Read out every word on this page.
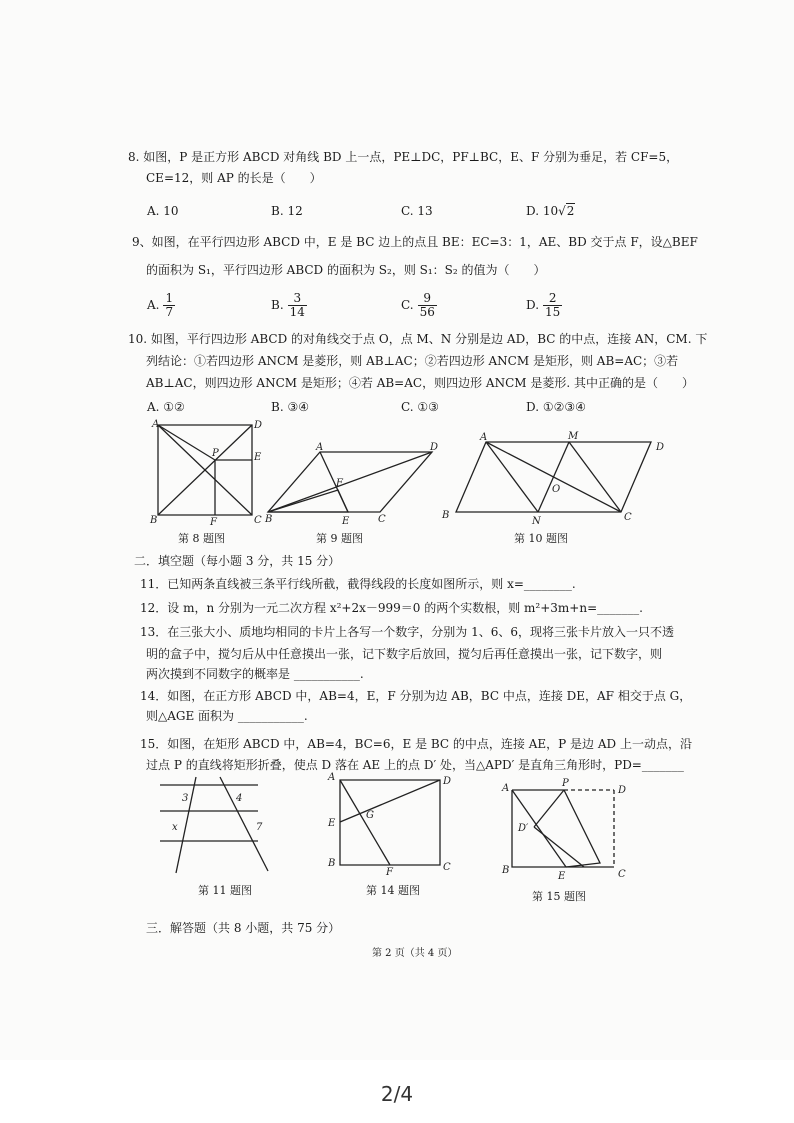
8. 如图，P 是正方形 ABCD 对角线 BD 上一点，PE⊥DC，PF⊥BC，E、F 分别为垂足，若 CF=5，
CE=12，则 AP 的长是（　　）
A. 10	B. 12	C. 13	D. 10√2
9、如图，在平行四边形 ABCD 中，E 是 BC 边上的点且 BE：EC=3：1，AE、BD 交于点 F，设△BEF
的面积为 S₁，平行四边形 ABCD 的面积为 S₂，则 S₁：S₂ 的值为（　　）
A. $\frac{1}{7}$	B. $\frac{3}{14}$	C. $\frac{9}{56}$	D. $\frac{2}{15}$
10. 如图，平行四边形 ABCD 的对角线交于点 O，点 M、N 分别是边 AD，BC 的中点，连接 AN，CM. 下
列结论：①若四边形 ANCM 是菱形，则 AB⊥AC；②若四边形 ANCM 是矩形，则 AB=AC；③若
AB⊥AC，则四边形 ANCM 是矩形；④若 AB=AC，则四边形 ANCM 是菱形. 其中正确的是（　　）
A. ①②	B. ③④	C. ①③	D. ①②③④
A	D
E
P
B	F	C
第 8 题图
A	D
F
B	E	C
第 9 题图
A	M
D
O
B
N	C
第 10 题图
二．填空题（每小题 3 分，共 15 分）
11．已知两条直线被三条平行线所截，截得线段的长度如图所示，则 x=________.
12．设 m，n 分别为一元二次方程 x²+2x－999＝0 的两个实数根，则 m²+3m+n=_______.
13．在三张大小、质地均相同的卡片上各写一个数字，分别为 1、6、6，现将三张卡片放入一只不透
明的盒子中，搅匀后从中任意摸出一张，记下数字后放回，搅匀后再任意摸出一张，记下数字，则
两次摸到不同数字的概率是 ___________.
14．如图，在正方形 ABCD 中，AB=4，E，F 分别为边 AB，BC 中点，连接 DE，AF 相交于点 G，
则△AGE 面积为 ___________.
15．如图，在矩形 ABCD 中，AB=4，BC=6，E 是 BC 的中点，连接 AE，P 是边 AD 上一动点，沿
过点 P 的直线将矩形折叠，使点 D 落在 AE 上的点 D′ 处，当△APD′ 是直角三角形时，PD=_______
3	4
x	7
第 11 题图
A	D
E
G
B
F	C
第 14 题图
A	P
D
D′
B
E	C
第 15 题图
三．解答题（共 8 小题，共 75 分）
第 2 页（共 4 页）
2/4
